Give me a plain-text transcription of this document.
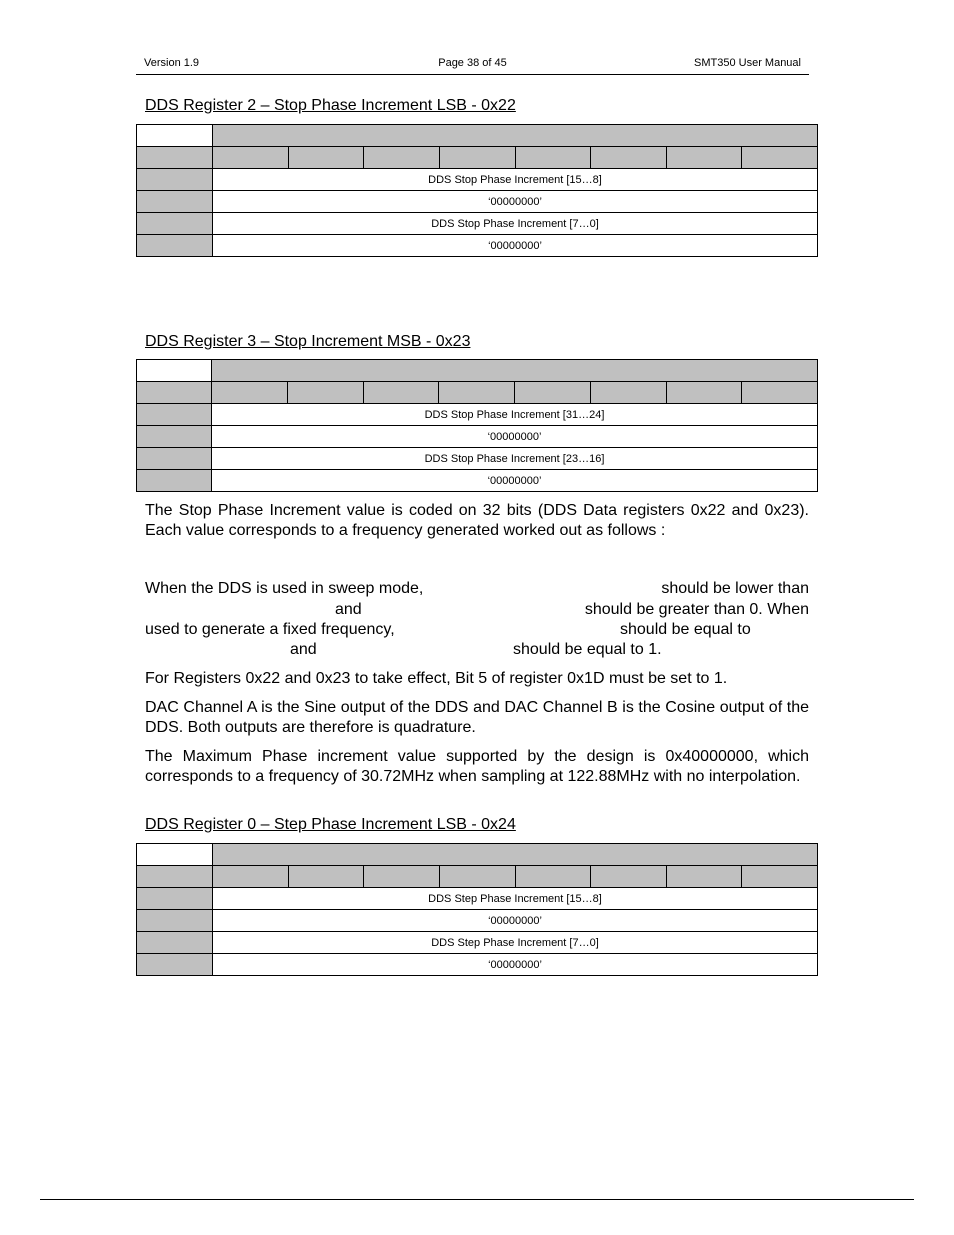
Version 1.9	Page 38 of 45	SMT350 User Manual
DDS Register 2 – Stop Phase Increment LSB - 0x22

	DDS Stop Phase Increment [15…8]							
	‘00000000’							
	DDS Stop Phase Increment [7…0]							
	‘00000000’							
DDS Register 3 – Stop Increment MSB - 0x23

	DDS Stop Phase Increment [31…24]							
	‘00000000’							
	DDS Stop Phase Increment [23…16]							
	‘00000000’							
The Stop Phase Increment value is coded on 32 bits (DDS Data registers 0x22 and 0x23). Each value corresponds to a frequency generated worked out as follows :
When the DDS is used in sweep mode,	should be lower than
and	should be greater than 0. When
used to generate a fixed frequency,	should be equal to
and	should be equal to 1.
For Registers 0x22 and 0x23 to take effect, Bit 5 of register 0x1D must be set to 1.
DAC Channel A is the Sine output of the DDS and DAC Channel B is the Cosine output of the DDS. Both outputs are therefore is quadrature.
The Maximum Phase increment value supported by the design is 0x40000000, which corresponds to a frequency of 30.72MHz when sampling at 122.88MHz with no interpolation.
DDS Register 0 – Step Phase Increment LSB - 0x24

	DDS Step Phase Increment [15…8]							
	‘00000000’							
	DDS Step Phase Increment [7…0]							
	‘00000000’							
